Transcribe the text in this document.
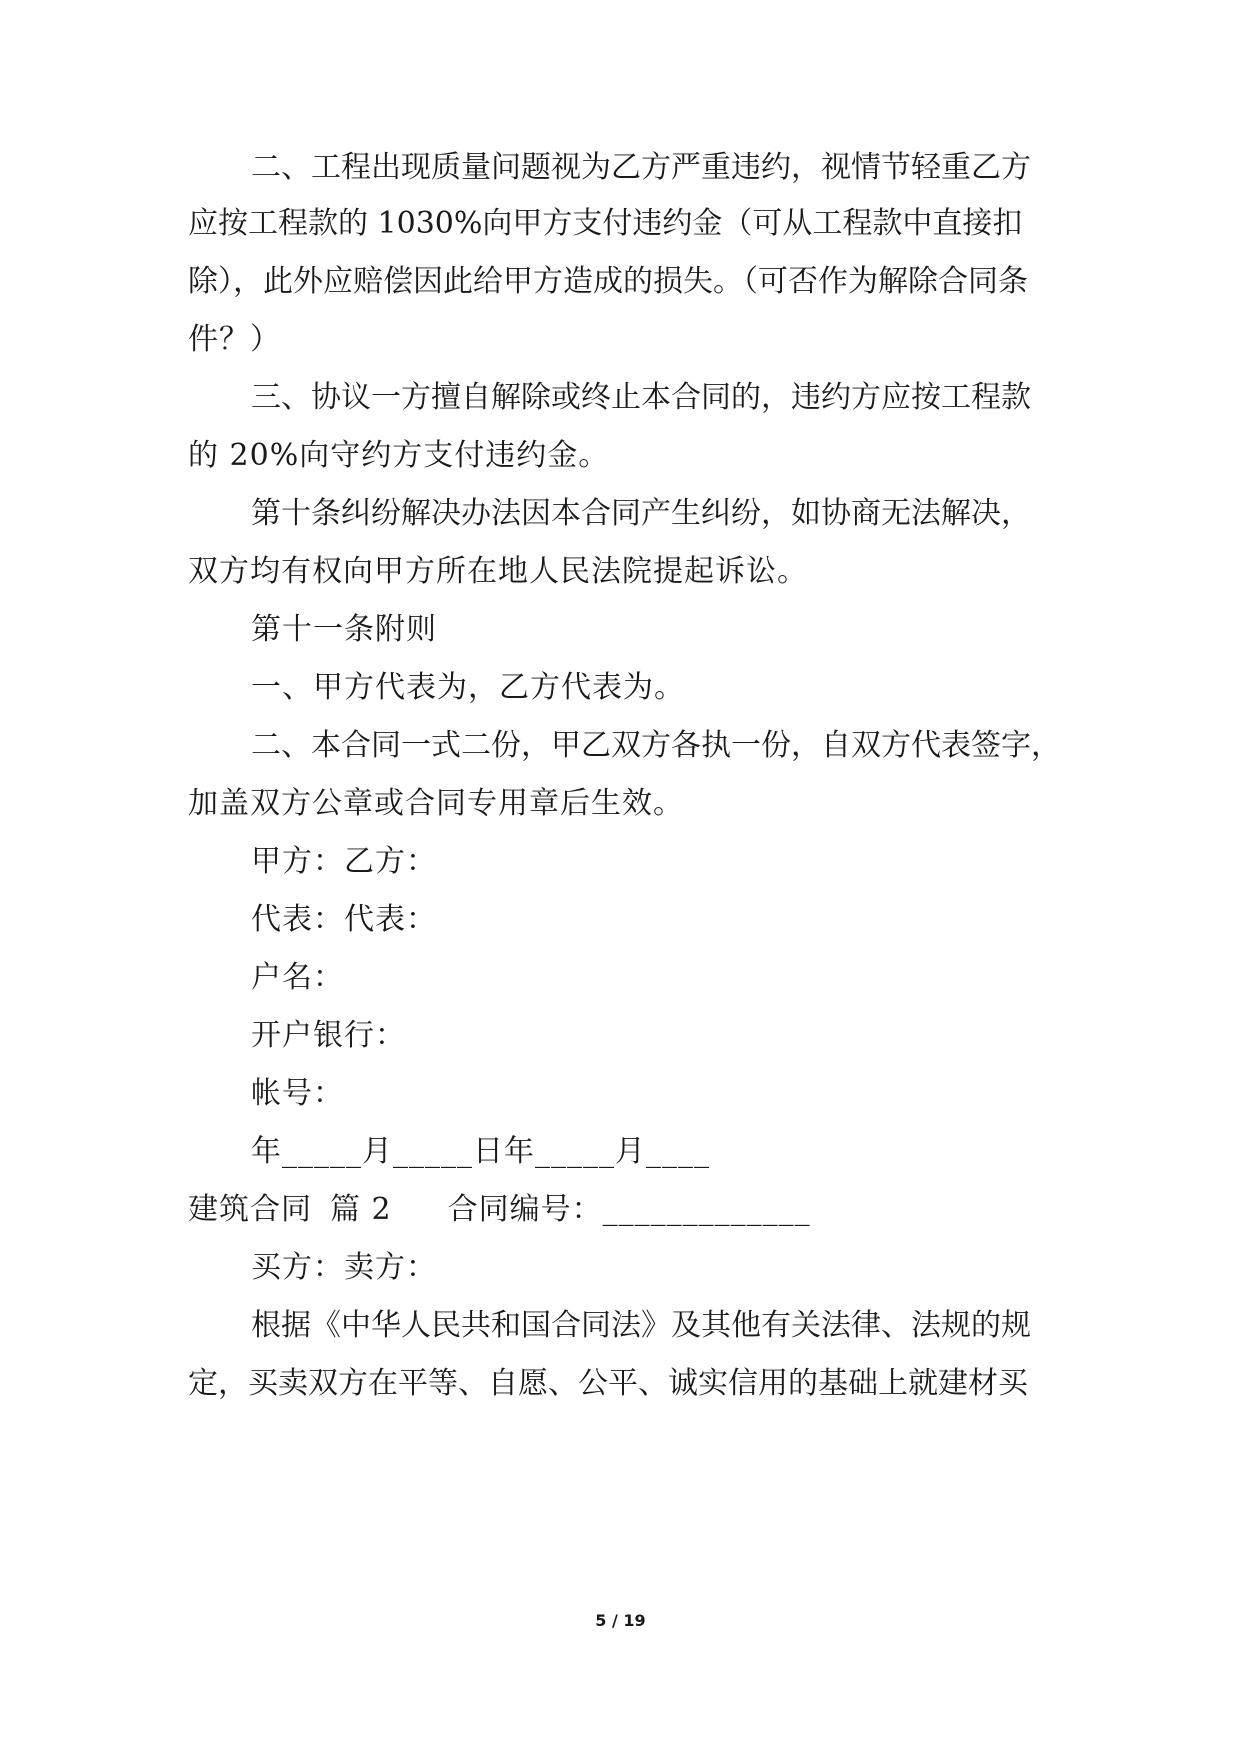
二、工程出现质量问题视为乙方严重违约，视情节轻重乙方
应按工程款的 1030%向甲方支付违约金（可从工程款中直接扣
除），此外应赔偿因此给甲方造成的损失。（可否作为解除合同条
件？）
三、协议一方擅自解除或终止本合同的，违约方应按工程款
的 20%向守约方支付违约金。
第十条纠纷解决办法因本合同产生纠纷，如协商无法解决，
双方均有权向甲方所在地人民法院提起诉讼。
第十一条附则
一、甲方代表为，乙方代表为。
二、本合同一式二份，甲乙双方各执一份，自双方代表签字，
加盖双方公章或合同专用章后生效。
甲方：乙方：
代表：代表：
户名：
开户银行：
帐号：
年_____月_____日年_____月____
建筑合同 篇 2 合同编号：_____________
买方：卖方：
根据《中华人民共和国合同法》及其他有关法律、法规的规
定，买卖双方在平等、自愿、公平、诚实信用的基础上就建材买
5 / 19
